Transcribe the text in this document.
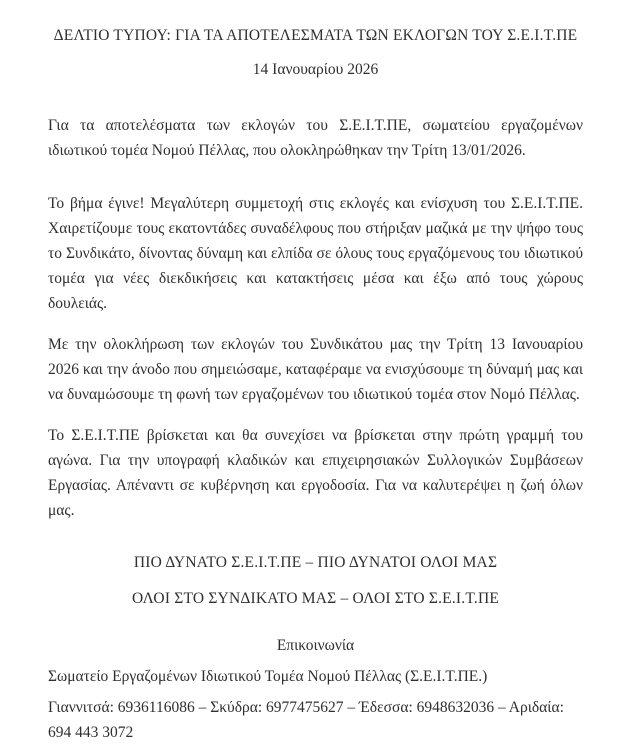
ΔΕΛΤΙΟ ΤΥΠΟΥ: ΓΙΑ ΤΑ ΑΠΟΤΕΛΕΣΜΑΤΑ ΤΩΝ ΕΚΛΟΓΩΝ ΤΟΥ Σ.Ε.Ι.Τ.ΠΕ
14 Ιανουαρίου 2026

Για τα αποτελέσματα των εκλογών του Σ.Ε.Ι.Τ.ΠΕ, σωματείου εργαζομένων ιδιωτικού τομέα Νομού Πέλλας, που ολοκληρώθηκαν την Τρίτη 13/01/2026.

Το βήμα έγινε! Μεγαλύτερη συμμετοχή στις εκλογές και ενίσχυση του Σ.Ε.Ι.Τ.ΠΕ. Χαιρετίζουμε τους εκατοντάδες συναδέλφους που στήριξαν μαζικά με την ψήφο τους το Συνδικάτο, δίνοντας δύναμη και ελπίδα σε όλους τους εργαζόμενους του ιδιωτικού τομέα για νέες διεκδικήσεις και κατακτήσεις μέσα και έξω από τους χώρους δουλειάς.

Με την ολοκλήρωση των εκλογών του Συνδικάτου μας την Τρίτη 13 Ιανουαρίου 2026 και την άνοδο που σημειώσαμε, καταφέραμε να ενισχύσουμε τη δύναμή μας και να δυναμώσουμε τη φωνή των εργαζομένων του ιδιωτικού τομέα στον Νομό Πέλλας.

Το Σ.Ε.Ι.Τ.ΠΕ βρίσκεται και θα συνεχίσει να βρίσκεται στην πρώτη γραμμή του αγώνα. Για την υπογραφή κλαδικών και επιχειρησιακών Συλλογικών Συμβάσεων Εργασίας. Απέναντι σε κυβέρνηση και εργοδοσία. Για να καλυτερέψει η ζωή όλων μας.

ΠΙΟ ΔΥΝΑΤΟ Σ.Ε.Ι.Τ.ΠΕ – ΠΙΟ ΔΥΝΑΤΟΙ ΟΛΟΙ ΜΑΣ
ΟΛΟΙ ΣΤΟ ΣΥΝΔΙΚΑΤΟ ΜΑΣ – ΟΛΟΙ ΣΤΟ Σ.Ε.Ι.Τ.ΠΕ
Επικοινωνία

Σωματείο Εργαζομένων Ιδιωτικού Τομέα Νομού Πέλλας (Σ.Ε.Ι.Τ.ΠΕ.)

Γιαννιτσά: 6936116086 – Σκύδρα: 6977475627 – Έδεσσα: 6948632036 – Αριδαία: 694 443 3072
